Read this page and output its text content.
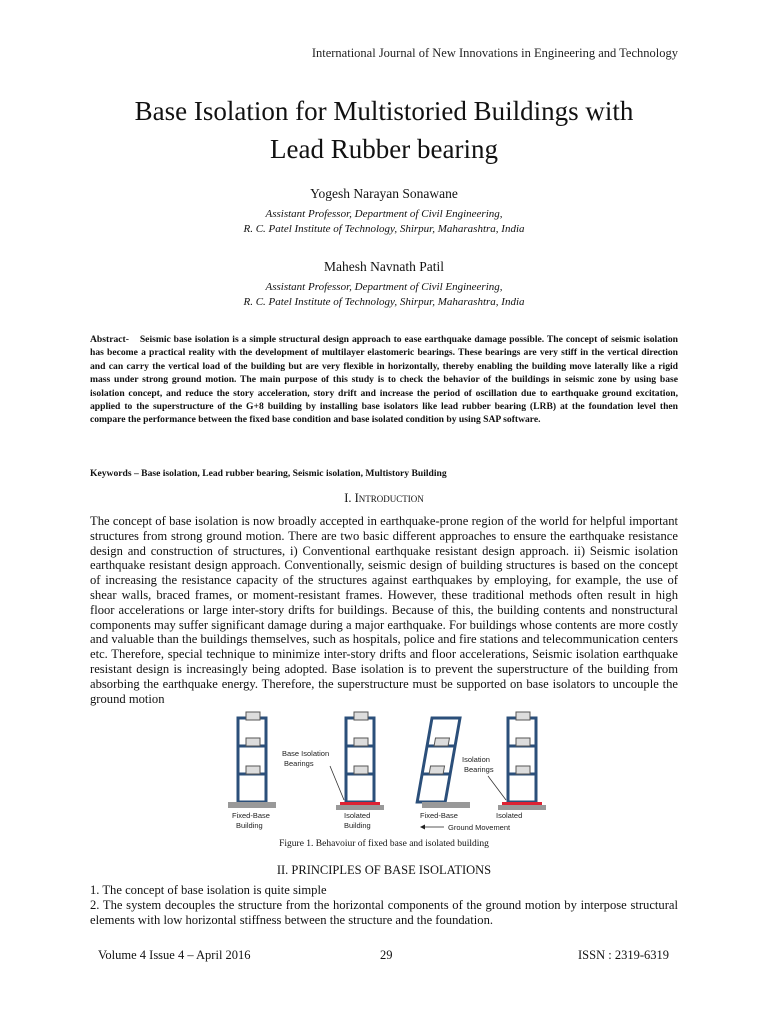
International Journal of New Innovations in Engineering and Technology
Base Isolation for Multistoried Buildings with
Lead Rubber bearing
Yogesh Narayan Sonawane
Assistant Professor, Department of Civil Engineering,
R. C. Patel Institute of Technology, Shirpur, Maharashtra, India
Mahesh Navnath Patil
Assistant Professor, Department of Civil Engineering,
R. C. Patel Institute of Technology, Shirpur, Maharashtra, India
Abstract- Seismic base isolation is a simple structural design approach to ease earthquake damage possible. The concept of seismic isolation has become a practical reality with the development of multilayer elastomeric bearings. These bearings are very stiff in the vertical direction and can carry the vertical load of the building but are very flexible in horizontally, thereby enabling the building move laterally like a rigid mass under strong ground motion. The main purpose of this study is to check the behavior of the buildings in seismic zone by using base isolation concept, and reduce the story acceleration, story drift and increase the period of oscillation due to earthquake ground excitation, applied to the superstructure of the G+8 building by installing base isolators like lead rubber bearing (LRB) at the foundation level then compare the performance between the fixed base condition and base isolated condition by using SAP software.
Keywords – Base isolation, Lead rubber bearing, Seismic isolation, Multistory Building
I. Introduction
The concept of base isolation is now broadly accepted in earthquake-prone region of the world for helpful important structures from strong ground motion. There are two basic different approaches to ensure the earthquake resistance design and construction of structures, i) Conventional earthquake resistant design approach. ii) Seismic isolation earthquake resistant design approach. Conventionally, seismic design of building structures is based on the concept of increasing the resistance capacity of the structures against earthquakes by employing, for example, the use of shear walls, braced frames, or moment-resistant frames. However, these traditional methods often result in high floor accelerations or large inter-story drifts for buildings. Because of this, the building contents and nonstructural components may suffer significant damage during a major earthquake. For buildings whose contents are more costly and valuable than the buildings themselves, such as hospitals, police and fire stations and telecommunication centers etc. Therefore, special technique to minimize inter-story drifts and floor accelerations, Seismic isolation earthquake resistant design is increasingly being adopted. Base isolation is to prevent the superstructure of the building from absorbing the earthquake energy. Therefore, the superstructure must be supported on base isolators to uncouple the ground motion
Fixed-Base
Building
Isolated
Building
Base Isolation
Bearings	Isolation
Bearings
Fixed-Base	Isolated
Ground Movement
Figure 1. Behavoiur of fixed base and isolated building
II. PRINCIPLES OF BASE ISOLATIONS
1. The concept of base isolation is quite simple
2. The system decouples the structure from the horizontal components of the ground motion by interpose structural elements with low horizontal stiffness between the structure and the foundation.
Volume 4 Issue 4 – April 2016	29	ISSN : 2319-6319
